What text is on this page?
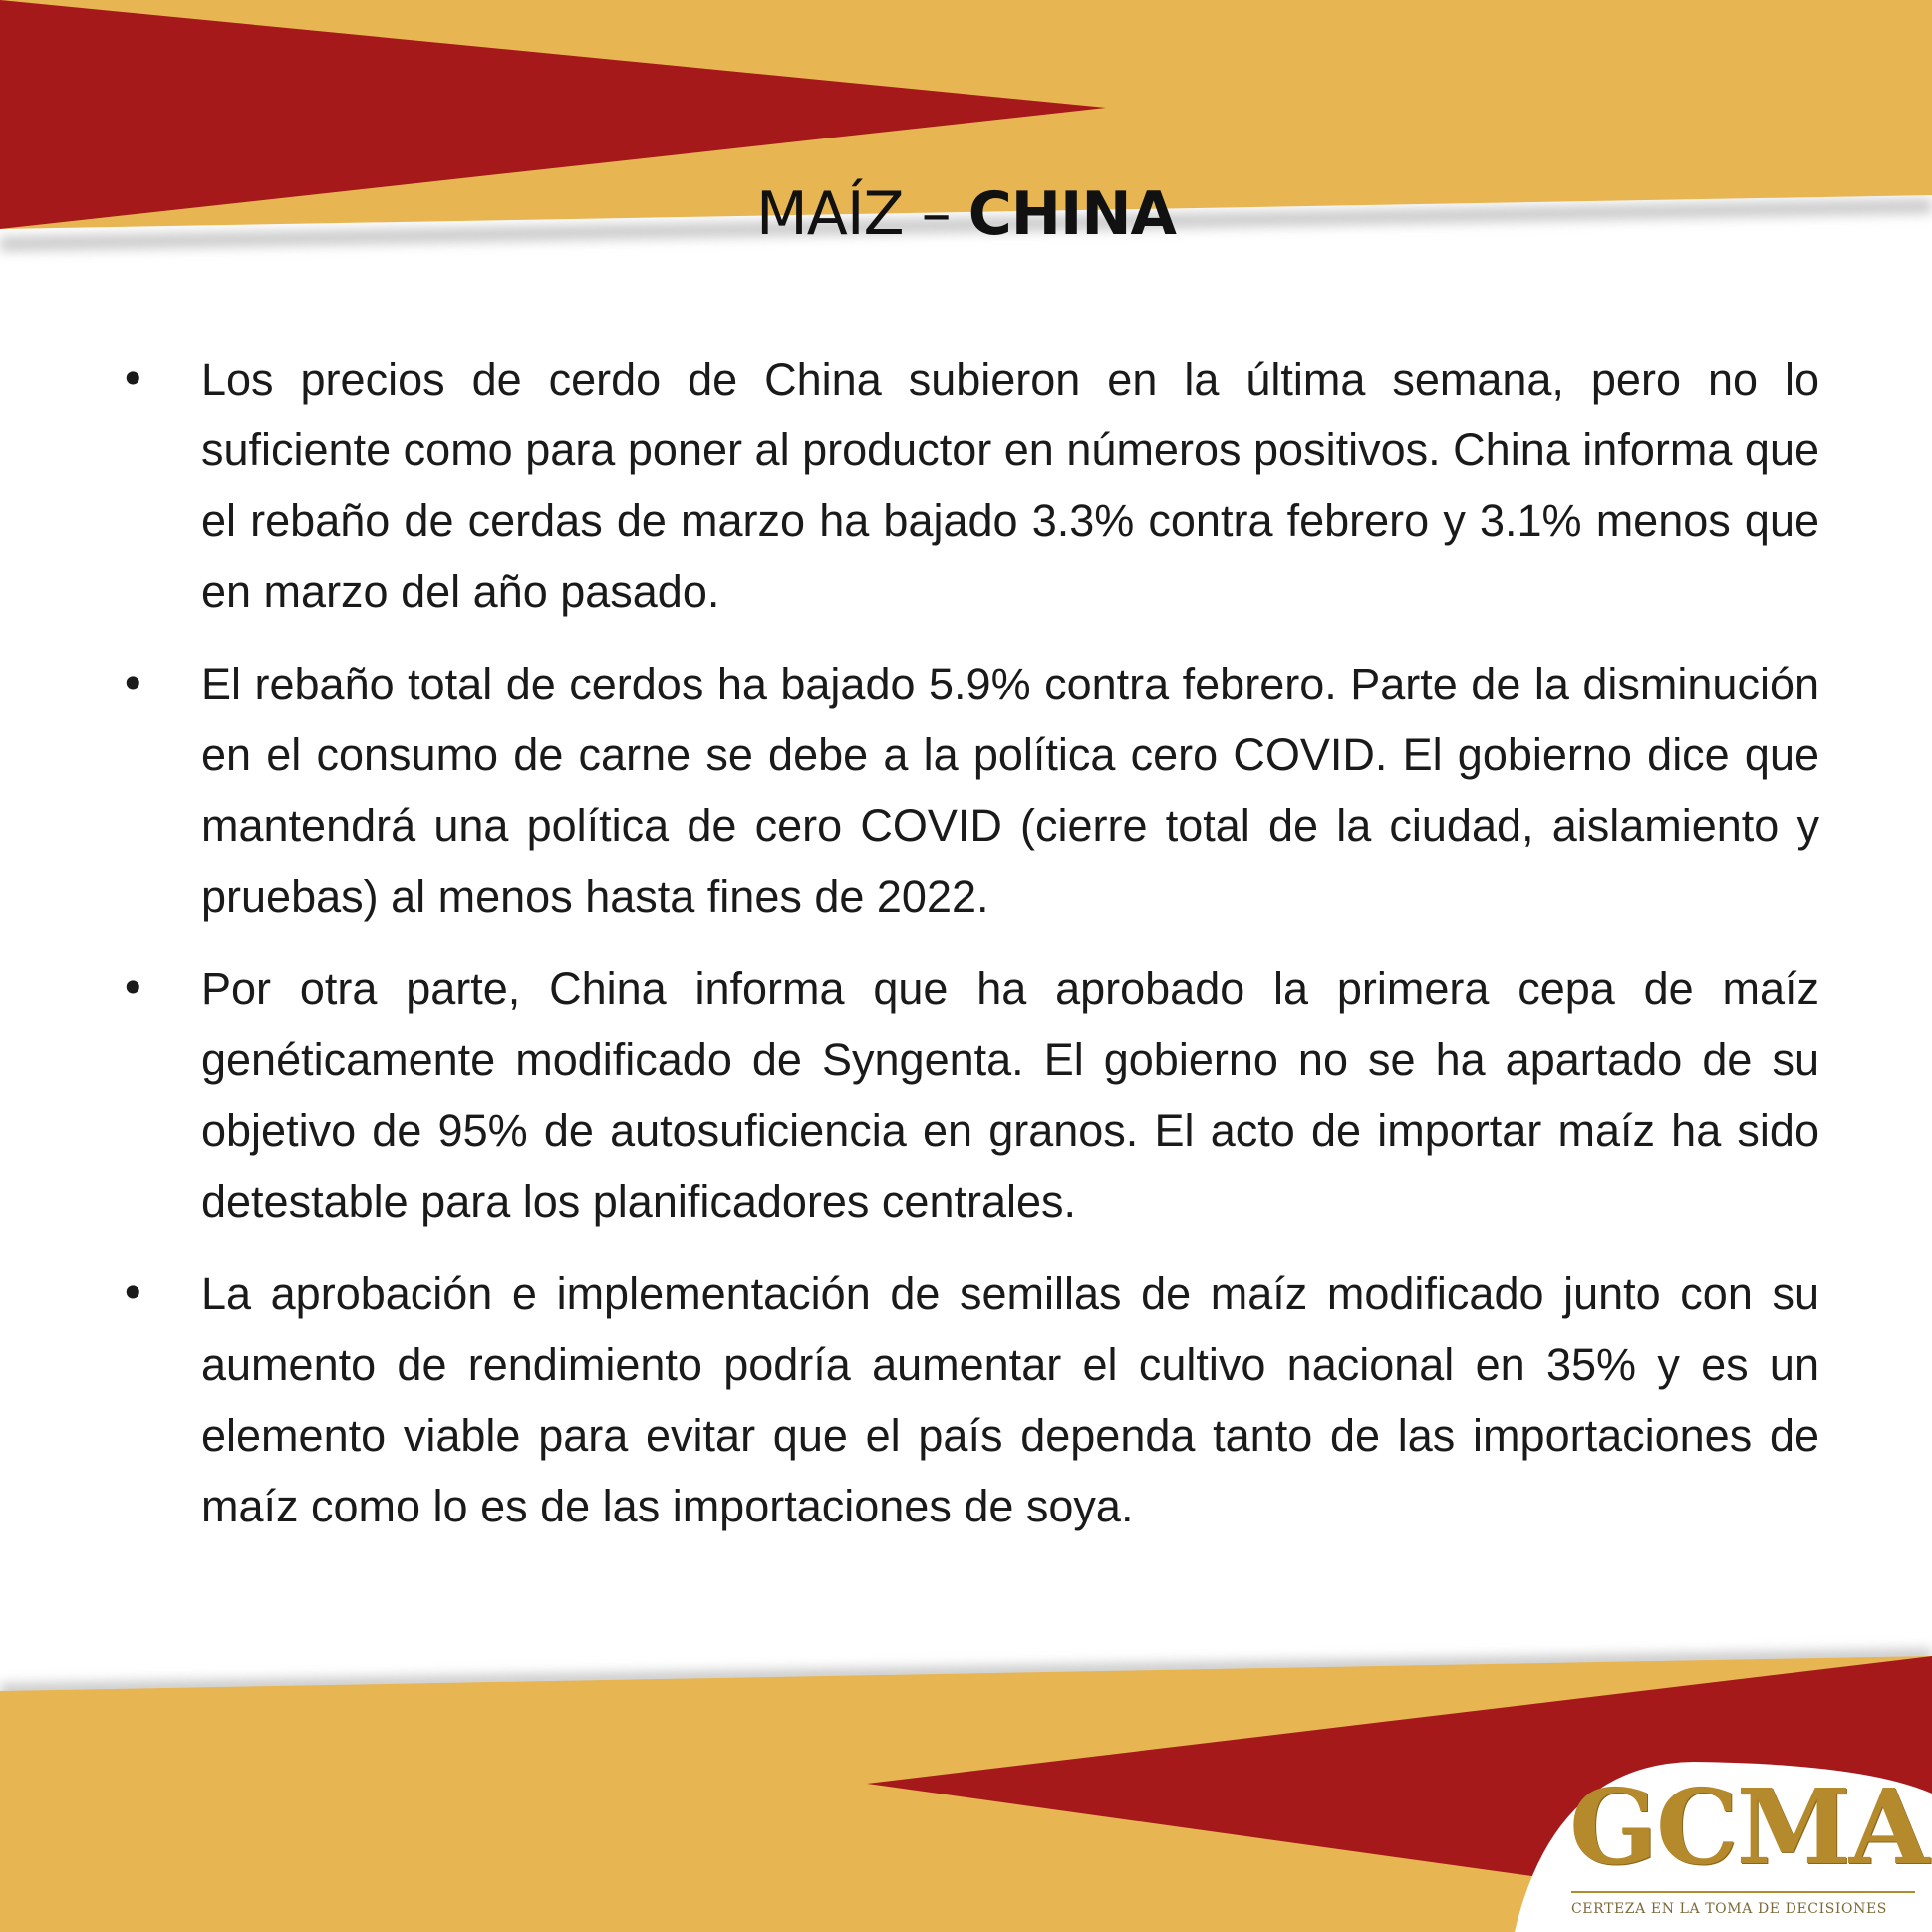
MAÍZ – CHINA
• Los precios de cerdo de China subieron en la última semana, pero no lo suficiente como para poner al productor en números positivos. China informa que el rebaño de cerdas de marzo ha bajado 3.3% contra febrero y 3.1% menos que en marzo del año pasado.
• El rebaño total de cerdos ha bajado 5.9% contra febrero. Parte de la disminución en el consumo de carne se debe a la política cero COVID. El gobierno dice que mantendrá una política de cero COVID (cierre total de la ciudad, aislamiento y pruebas) al menos hasta fines de 2022.
• Por otra parte, China informa que ha aprobado la primera cepa de maíz genéticamente modificado de Syngenta. El gobierno no se ha apartado de su objetivo de 95% de autosuficiencia en granos. El acto de importar maíz ha sido detestable para los planificadores centrales.
• La aprobación e implementación de semillas de maíz modificado junto con su aumento de rendimiento podría aumentar el cultivo nacional en 35% y es un elemento viable para evitar que el país dependa tanto de las importaciones de maíz como lo es de las importaciones de soya.
GCMA
CERTEZA EN LA TOMA DE DECISIONES
